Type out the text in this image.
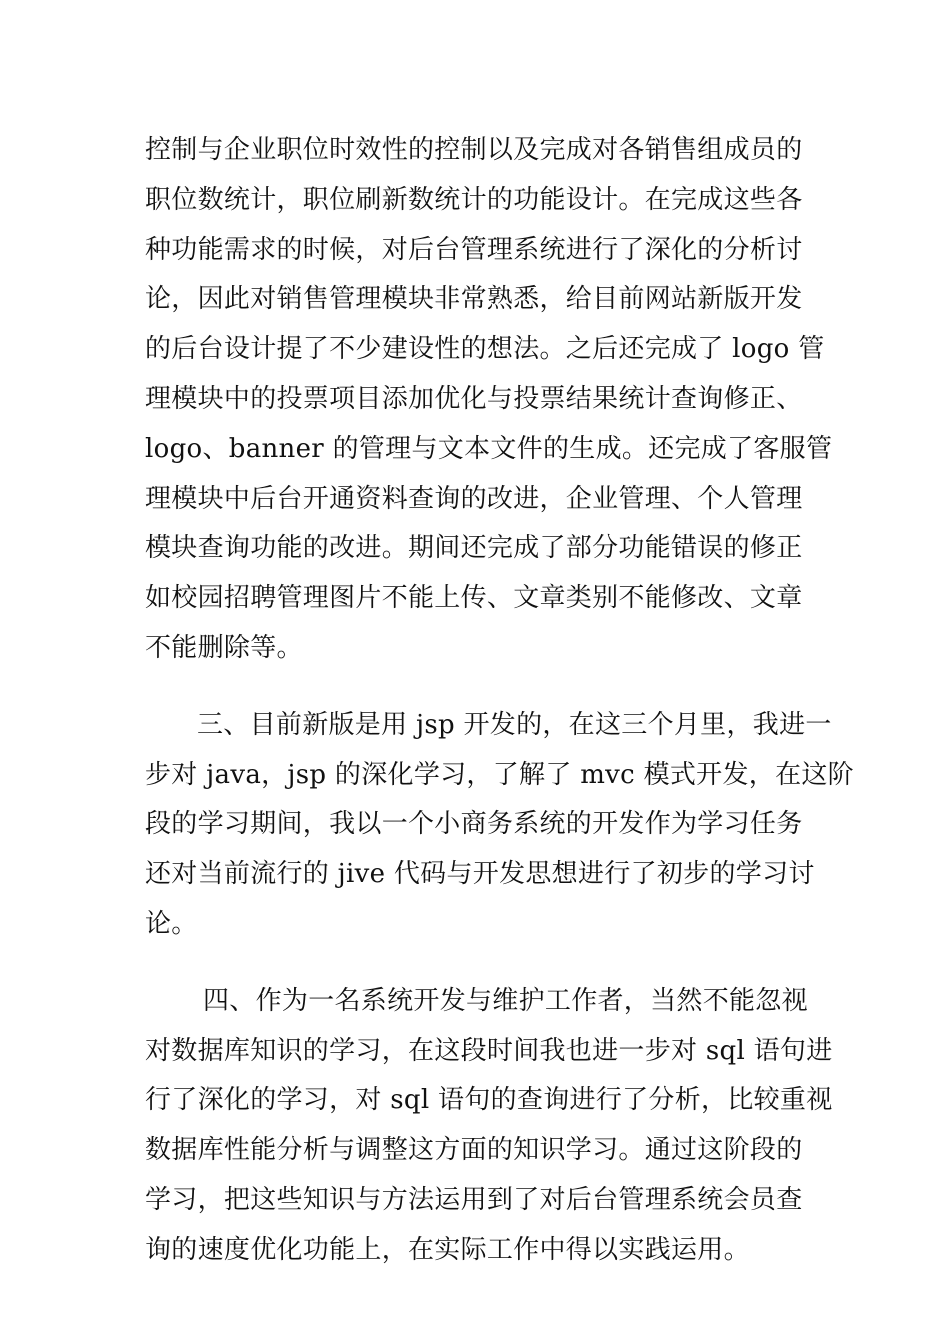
控制与企业职位时效性的控制以及完成对各销售组成员的
职位数统计，职位刷新数统计的功能设计。在完成这些各
种功能需求的时候，对后台管理系统进行了深化的分析讨
论，因此对销售管理模块非常熟悉，给目前网站新版开发
的后台设计提了不少建设性的想法。之后还完成了 logo 管
理模块中的投票项目添加优化与投票结果统计查询修正、
logo、banner 的管理与文本文件的生成。还完成了客服管
理模块中后台开通资料查询的改进，企业管理、个人管理
模块查询功能的改进。期间还完成了部分功能错误的修正
如校园招聘管理图片不能上传、文章类别不能修改、文章
不能删除等。
三、目前新版是用 jsp 开发的，在这三个月里，我进一
步对 java，jsp 的深化学习，了解了 mvc 模式开发，在这阶
段的学习期间，我以一个小商务系统的开发作为学习任务
还对当前流行的 jive 代码与开发思想进行了初步的学习讨
论。
四、作为一名系统开发与维护工作者，当然不能忽视
对数据库知识的学习，在这段时间我也进一步对 sql 语句进
行了深化的学习，对 sql 语句的查询进行了分析，比较重视
数据库性能分析与调整这方面的知识学习。通过这阶段的
学习，把这些知识与方法运用到了对后台管理系统会员查
询的速度优化功能上，在实际工作中得以实践运用。
